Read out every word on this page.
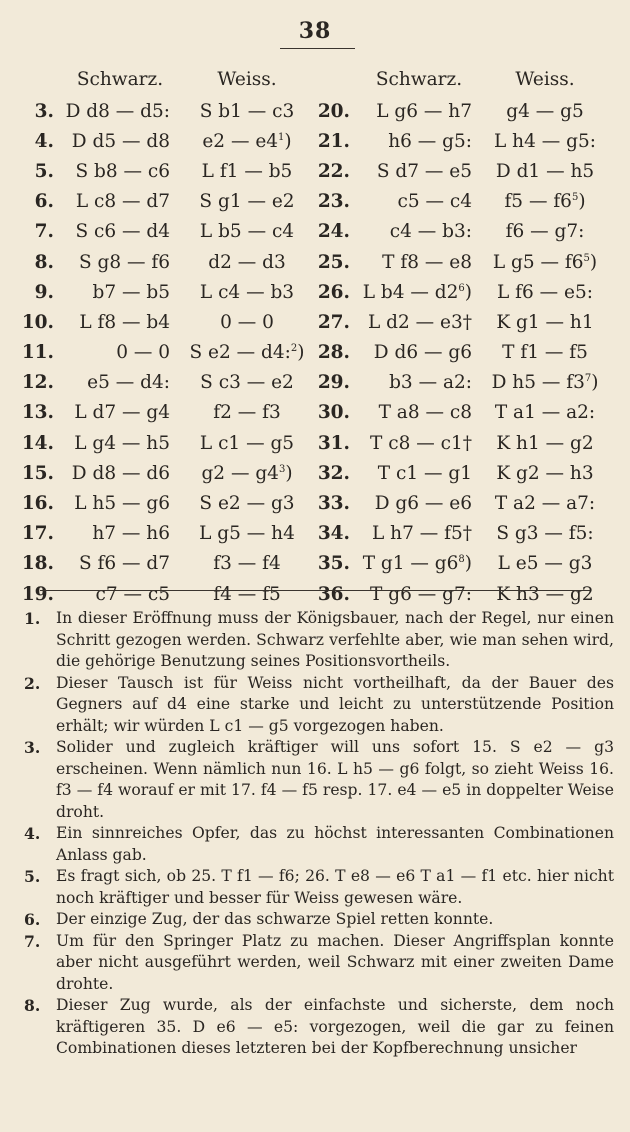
38
	Schwarz.	Weiss.		Schwarz.	Weiss.
3.	D d8 — d5:	S b1 — c3	20.	L g6 — h7	g4 — g5
4.	D d5 — d8	e2 — $e4^1$)	21.	h6 — g5:	L h4 — g5:
5.	S b8 — c6	L f1 — b5	22.	S d7 — e5	D d1 — h5
6.	L c8 — d7	S g1 — e2	23.	c5 — c4	f5 — $f6^5$)
7.	S c6 — d4	L b5 — c4	24.	c4 — b3:	f6 — g7:
8.	S g8 — f6	d2 — d3	25.	T f8 — e8	L g5 — $f6^5$)
9.	b7 — b5	L c4 — b3	26.	L b4 — $d2^6$)	L f6 — e5:
10.	L f8 — b4	0 — 0	27.	L d2 — e3†	K g1 — h1
11.	0 — 0	S e2 — d4:$^2$)	28.	D d6 — g6	T f1 — f5
12.	e5 — d4:	S c3 — e2	29.	b3 — a2:	D h5 — $f3^7$)
13.	L d7 — g4	f2 — f3	30.	T a8 — c8	T a1 — a2:
14.	L g4 — h5	L c1 — g5	31.	T c8 — c1†	K h1 — g2
15.	D d8 — d6	g2 — $g4^3$)	32.	T c1 — g1	K g2 — h3
16.	L h5 — g6	S e2 — g3	33.	D g6 — e6	T a2 — a7:
17.	h7 — h6	L g5 — h4	34.	L h7 — f5†	S g3 — f5:
18.	S f6 — d7	f3 — f4	35.	T g1 — $g6^8$)	L e5 — g3
19.	c7 — c5	f4 — f5	36.	T g6 — g7:	K h3 — g2
1.	In dieser Eröffnung muss der Königsbauer, nach der Regel, nur einen Schritt gezogen werden. Schwarz verfehlte aber, wie man sehen wird, die gehörige Benutzung seines Positionsvortheils.
2.	Dieser Tausch ist für Weiss nicht vortheilhaft, da der Bauer des Gegners auf d4 eine starke und leicht zu unterstützende Position erhält; wir würden L c1 — g5 vorgezogen haben.
3.	Solider und zugleich kräftiger will uns sofort 15. S e2 — g3 erscheinen. Wenn nämlich nun 16. L h5 — g6 folgt, so zieht Weiss 16. f3 — f4 worauf er mit 17. f4 — f5 resp. 17. e4 — e5 in doppelter Weise droht.
4.	Ein sinnreiches Opfer, das zu höchst interessanten Combinationen Anlass gab.
5.	Es fragt sich, ob 25. T f1 — f6; 26. T e8 — e6 T a1 — f1 etc. hier nicht noch kräftiger und besser für Weiss gewesen wäre.
6.	Der einzige Zug, der das schwarze Spiel retten konnte.
7.	Um für den Springer Platz zu machen. Dieser Angriffsplan konnte aber nicht ausgeführt werden, weil Schwarz mit einer zweiten Dame drohte.
8.	Dieser Zug wurde, als der einfachste und sicherste, dem noch kräftigeren 35. D e6 — e5: vorgezogen, weil die gar zu feinen Combinationen dieses letzteren bei der Kopfberechnung unsicher
